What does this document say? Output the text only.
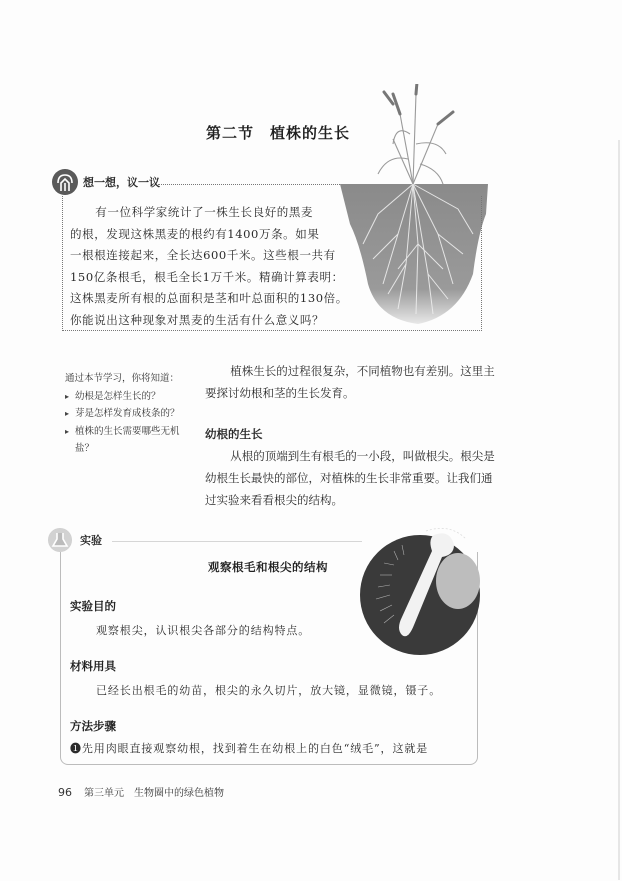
第二节 植株的生长
想一想，议一议

有一位科学家统计了一株生长良好的黑麦

的根，发现这株黑麦的根约有1400万条。如果

一根根连接起来，全长达600千米。这些根一共有

150亿条根毛，根毛全长1万千米。精确计算表明：

这株黑麦所有根的总面积是茎和叶总面积的130倍。

你能说出这种现象对黑麦的生活有什么意义吗？

通过本节学习，你将知道：
▸ 幼根是怎样生长的？
▸ 芽是怎样发育成枝条的？
▸ 植株的生长需要哪些无机盐？

植株生长的过程很复杂，不同植物也有差别。这里主要探讨幼根和茎的生长发育。

幼根的生长

从根的顶端到生有根毛的一小段，叫做根尖。根尖是幼根生长最快的部位，对植株的生长非常重要。让我们通过实验来看看根尖的结构。

实验
观察根毛和根尖的结构
实验目的
观察根尖，认识根尖各部分的结构特点。
材料用具
已经长出根毛的幼苗，根尖的永久切片，放大镜，显微镜，镊子。
方法步骤
❶先用肉眼直接观察幼根，找到着生在幼根上的白色“绒毛”，这就是
96 第三单元 生物圈中的绿色植物
